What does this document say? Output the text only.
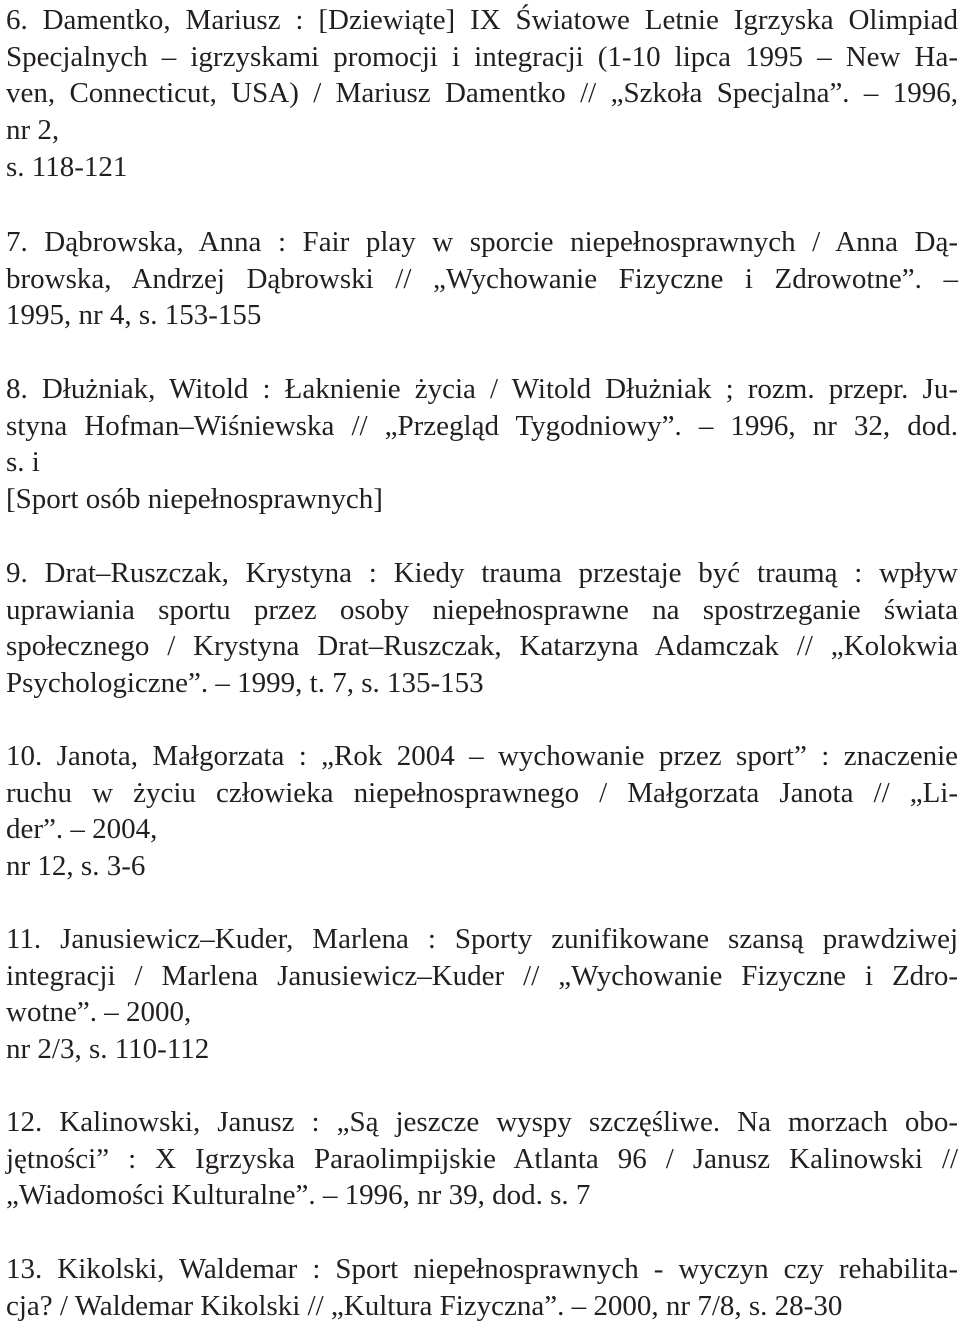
6. Damentko, Mariusz : [Dziewiąte] IX Światowe Letnie Igrzyska Olimpiad
Specjalnych – igrzyskami promocji i integracji (1-10 lipca 1995 – New Ha-
ven, Connecticut, USA) / Mariusz Damentko // „Szkoła Specjalna”. – 1996,
nr 2,
s. 118-121
7. Dąbrowska, Anna : Fair play w sporcie niepełnosprawnych / Anna Dą-
browska, Andrzej Dąbrowski // „Wychowanie Fizyczne i Zdrowotne”. –
1995, nr 4, s. 153-155
8. Dłużniak, Witold : Łaknienie życia / Witold Dłużniak ; rozm. przepr. Ju-
styna Hofman–Wiśniewska // „Przegląd Tygodniowy”. – 1996, nr 32, dod.
s. i
[Sport osób niepełnosprawnych]
9. Drat–Ruszczak, Krystyna : Kiedy trauma przestaje być traumą : wpływ
uprawiania sportu przez osoby niepełnosprawne na spostrzeganie świata
społecznego / Krystyna Drat–Ruszczak, Katarzyna Adamczak // „Kolokwia
Psychologiczne”. – 1999, t. 7, s. 135-153
10. Janota, Małgorzata : „Rok 2004 – wychowanie przez sport” : znaczenie
ruchu w życiu człowieka niepełnosprawnego / Małgorzata Janota // „Li-
der”. – 2004,
nr 12, s. 3-6
11. Janusiewicz–Kuder, Marlena : Sporty zunifikowane szansą prawdziwej
integracji / Marlena Janusiewicz–Kuder // „Wychowanie Fizyczne i Zdro-
wotne”. – 2000,
nr 2/3, s. 110-112
12. Kalinowski, Janusz : „Są jeszcze wyspy szczęśliwe. Na morzach obo-
jętności” : X Igrzyska Paraolimpijskie Atlanta 96 / Janusz Kalinowski //
„Wiadomości Kulturalne”. – 1996, nr 39, dod. s. 7
13. Kikolski, Waldemar : Sport niepełnosprawnych - wyczyn czy rehabilita-
cja? / Waldemar Kikolski // „Kultura Fizyczna”. – 2000, nr 7/8, s. 28-30
